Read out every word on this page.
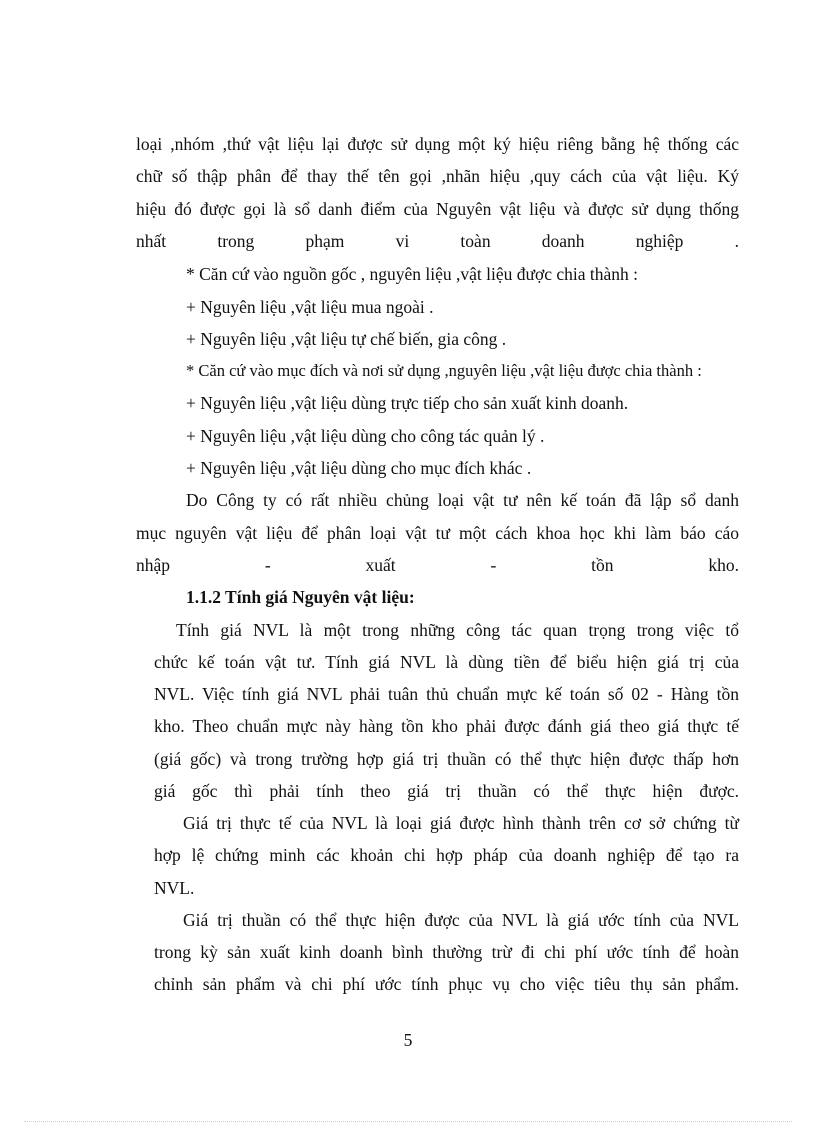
loại ,nhóm ,thứ vật liệu lại được sử dụng một ký hiệu riêng bằng hệ thống các
chữ số thập phân để thay thế tên gọi ,nhãn hiệu ,quy cách của vật liệu. Ký
hiệu đó được gọi là sổ danh điểm của Nguyên vật liệu và được sử dụng thống
nhất trong phạm vi toàn doanh nghiệp .
* Căn cứ vào nguồn gốc , nguyên liệu ,vật liệu được chia thành :
+ Nguyên liệu ,vật liệu mua ngoài .
+ Nguyên liệu ,vật liệu tự chế biến, gia công .
* Căn cứ vào mục đích và nơi sử dụng ,nguyên liệu ,vật liệu được chia thành :
+ Nguyên liệu ,vật liệu dùng trực tiếp cho sản xuất kinh doanh.
+ Nguyên liệu ,vật liệu dùng cho công tác quản lý .
+ Nguyên liệu ,vật liệu dùng cho mục đích khác .
Do Công ty có rất nhiều chủng loại vật tư nên kế toán đã lập sổ danh
mục nguyên vật liệu để phân loại vật tư một cách khoa học khi làm báo cáo
nhập - xuất - tồn kho.
1.1.2 Tính giá Nguyên vật liệu:
Tính giá NVL là một trong những công tác quan trọng trong việc tổ
chức kế toán vật tư. Tính giá NVL là dùng tiền để biểu hiện giá trị của
NVL. Việc tính giá NVL phải tuân thủ chuẩn mực kế toán số 02 - Hàng tồn
kho. Theo chuẩn mực này hàng tồn kho phải được đánh giá theo giá thực tế
(giá gốc) và trong trường hợp giá trị thuần có thể thực hiện được thấp hơn
giá gốc thì phải tính theo giá trị thuần có thể thực hiện được.
Giá trị thực tế của NVL là loại giá được hình thành trên cơ sở chứng từ
hợp lệ chứng minh các khoản chi hợp pháp của doanh nghiệp để tạo ra
NVL.
Giá trị thuần có thể thực hiện được của NVL là giá ước tính của NVL
trong kỳ sản xuất kinh doanh bình thường trừ đi chi phí ước tính để hoàn
chỉnh sản phẩm và chi phí ước tính phục vụ cho việc tiêu thụ sản phẩm.
5
